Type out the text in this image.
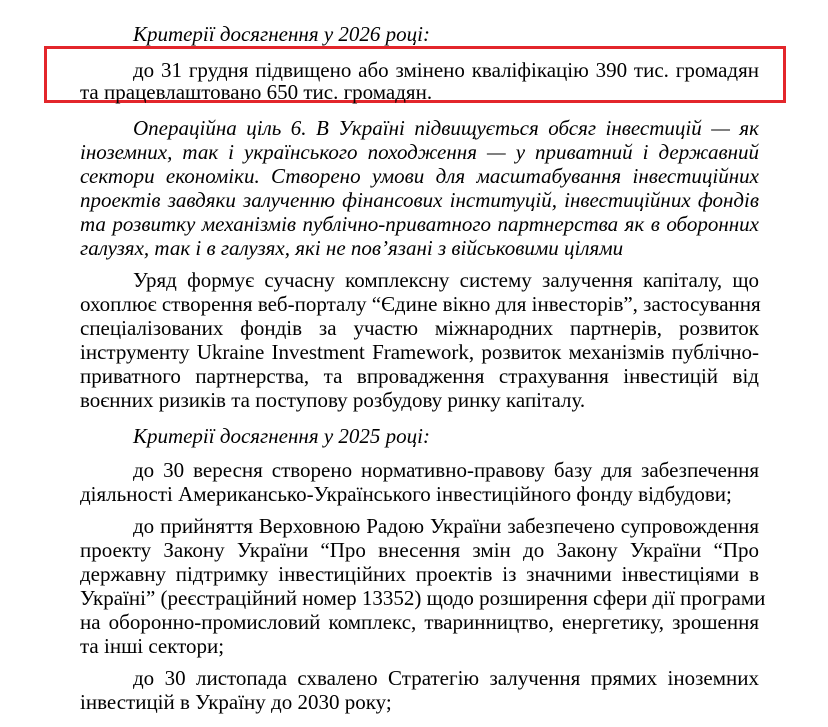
Критерії досягнення у 2026 році:
до 31 грудня підвищено або змінено кваліфікацію 390 тис. громадян
та працевлаштовано 650 тис. громадян.
Операційна ціль 6. В Україні підвищується обсяг інвестицій — як
іноземних, так і українського походження — у приватний і державний
сектори економіки. Створено умови для масштабування інвестиційних
проектів завдяки залученню фінансових інституцій, інвестиційних фондів
та розвитку механізмів публічно-приватного партнерства як в оборонних
галузях, так і в галузях, які не пов’язані з військовими цілями
Уряд формує сучасну комплексну систему залучення капіталу, що
охоплює створення веб-порталу “Єдине вікно для інвесторів”, застосування
спеціалізованих фондів за участю міжнародних партнерів, розвиток
інструменту Ukraine Investment Framework, розвиток механізмів публічно-
приватного партнерства, та впровадження страхування інвестицій від
воєнних ризиків та поступову розбудову ринку капіталу.
Критерії досягнення у 2025 році:
до 30 вересня створено нормативно-правову базу для забезпечення
діяльності Американсько-Українського інвестиційного фонду відбудови;
до прийняття Верховною Радою України забезпечено супровождення
проекту Закону України “Про внесення змін до Закону України “Про
державну підтримку інвестиційних проектів із значними інвестиціями в
Україні” (реєстраційний номер 13352) щодо розширення сфери дії програми
на оборонно-промисловий комплекс, тваринництво, енергетику, зрошення
та інші сектори;
до 30 листопада схвалено Стратегію залучення прямих іноземних
інвестицій в Україну до 2030 року;
